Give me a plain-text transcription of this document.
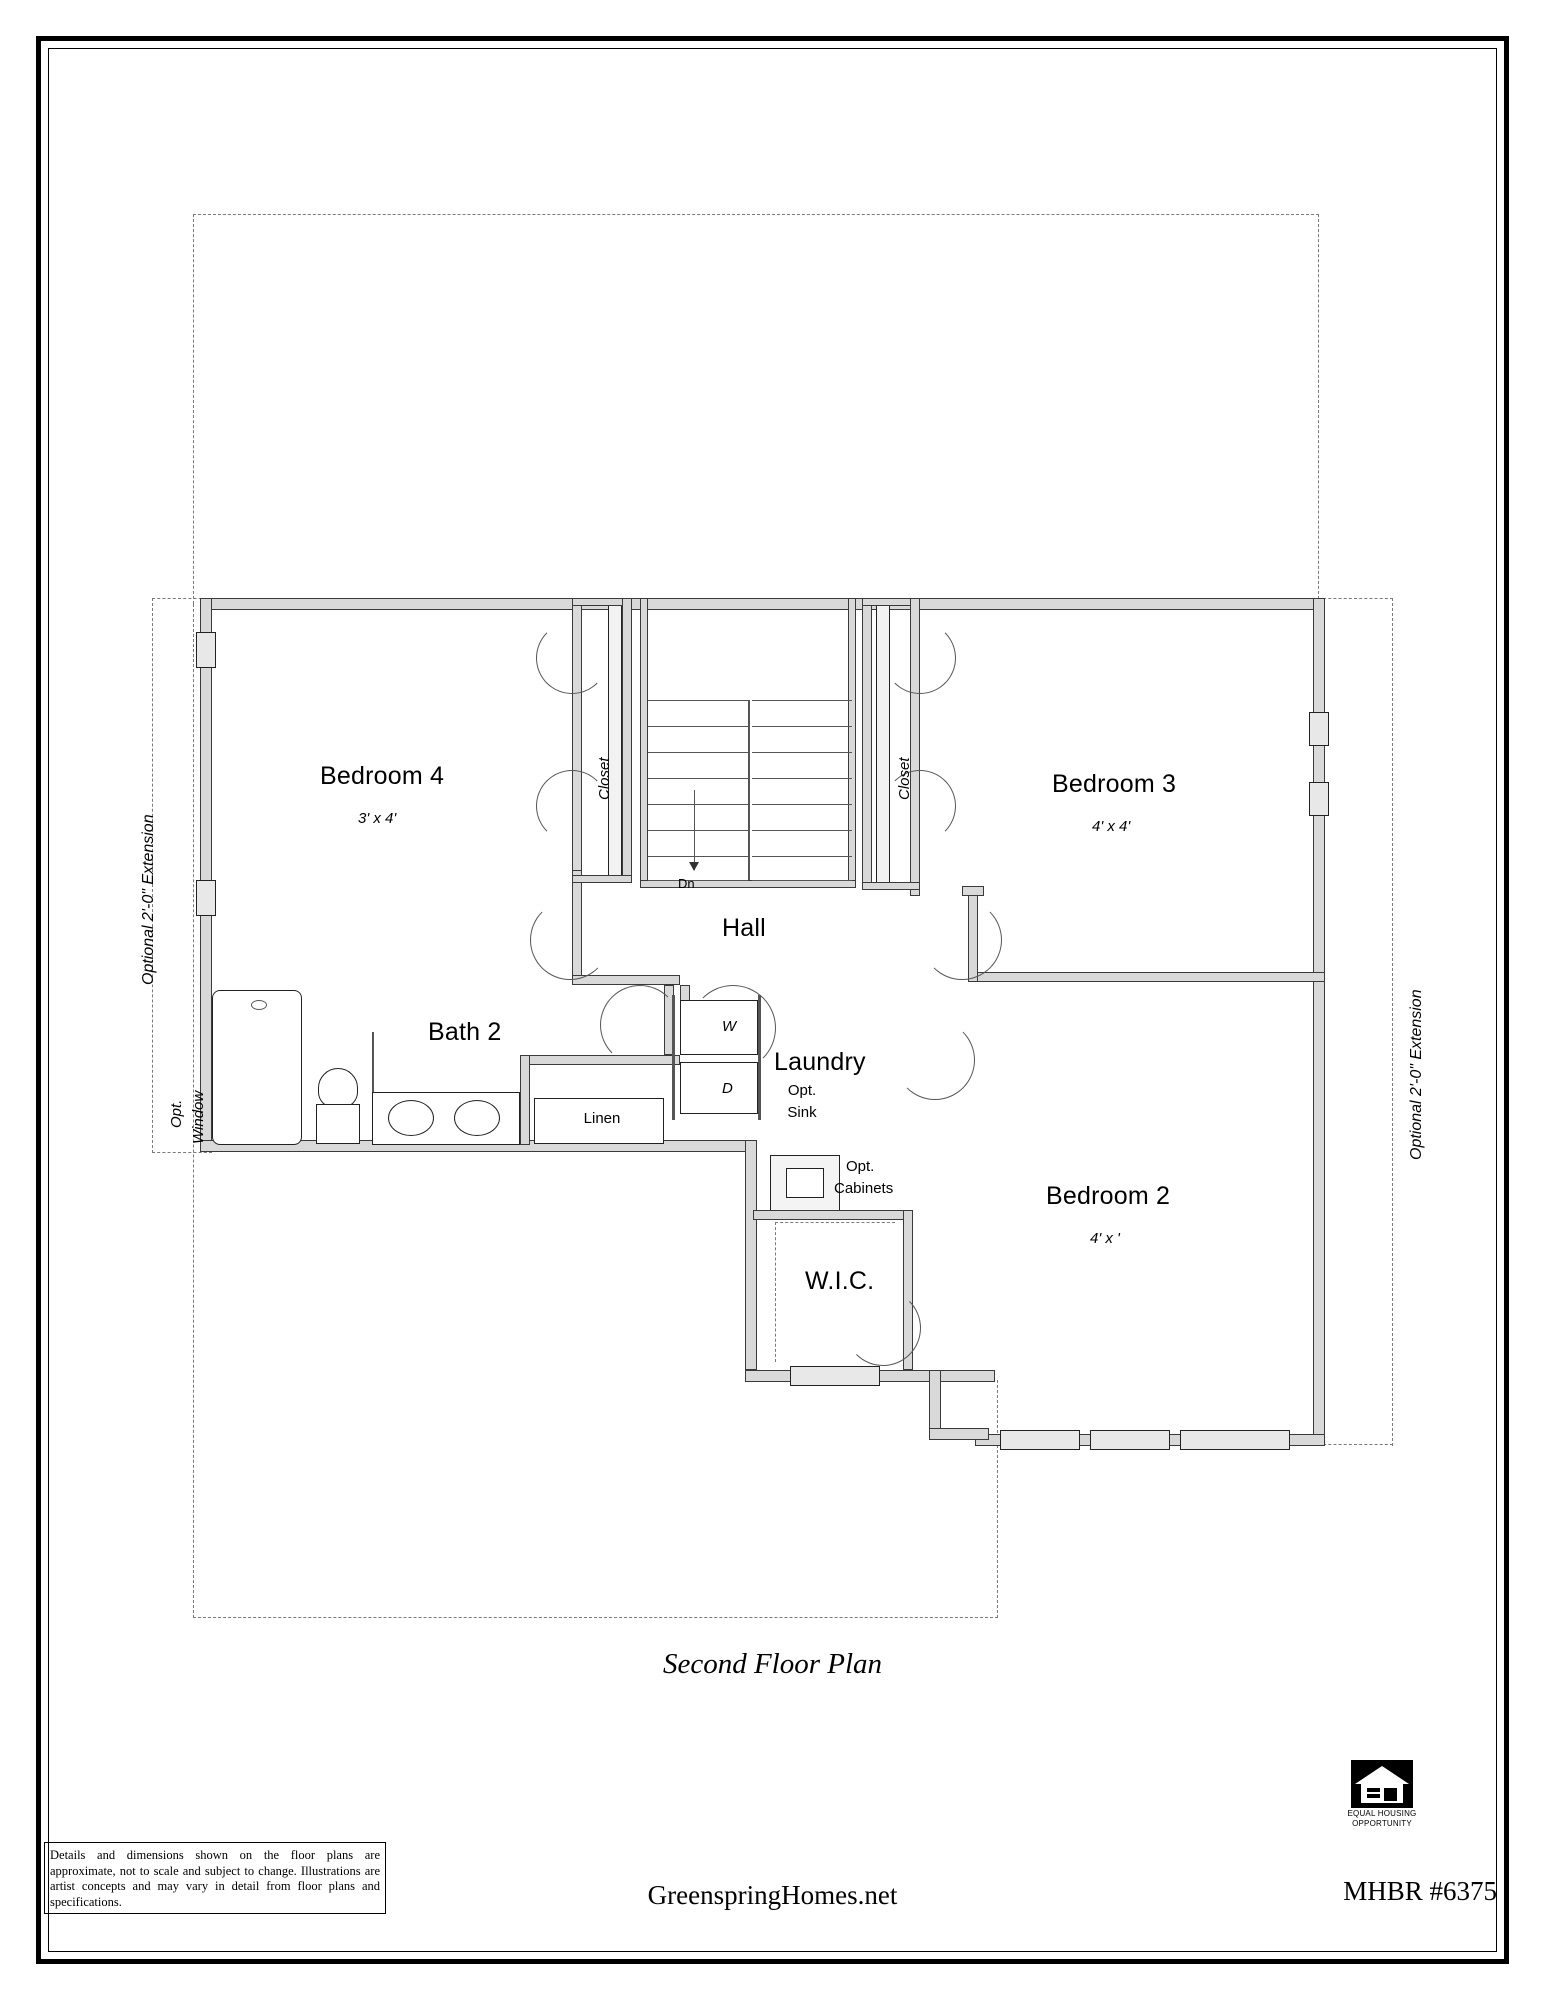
Dn
Linen
W
D
Bedroom 4
3' x 4'
Bedroom 3
4' x 4'
Bedroom 2
4' x '
Bath 2
Hall
Laundry
W.I.C.
Closet	Closet
Opt.
Sink
Opt.
Cabinets
Opt. Window
Optional 2'-0" Extension
Optional 2'-0" Extension
Second Floor Plan
Details and dimensions shown on the floor plans are approximate, not to scale and subject to change. Illustrations are artist concepts and may vary in detail from floor plans and specifications.	GreenspringHomes.net	MHBR #6375
EQUAL HOUSING
OPPORTUNITY
